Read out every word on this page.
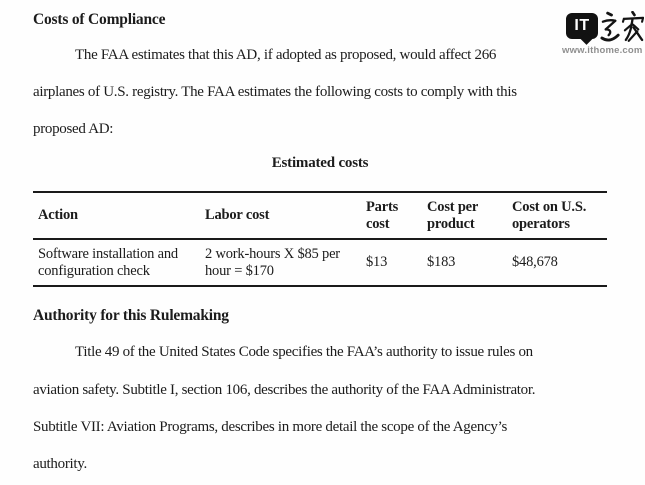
Costs of Compliance
The FAA estimates that this AD, if adopted as proposed, would affect 266
airplanes of U.S. registry. The FAA estimates the following costs to comply with this
proposed AD:
Estimated costs
Action	Labor cost	Parts cost	Cost per product	Cost on U.S. operators
Software installation and configuration check	2 work-hours X $85 per hour = $170	$13	$183	$48,678
Authority for this Rulemaking
Title 49 of the United States Code specifies the FAA’s authority to issue rules on
aviation safety. Subtitle I, section 106, describes the authority of the FAA Administrator.
Subtitle VII: Aviation Programs, describes in more detail the scope of the Agency’s
authority.
IT
www.ithome.com
